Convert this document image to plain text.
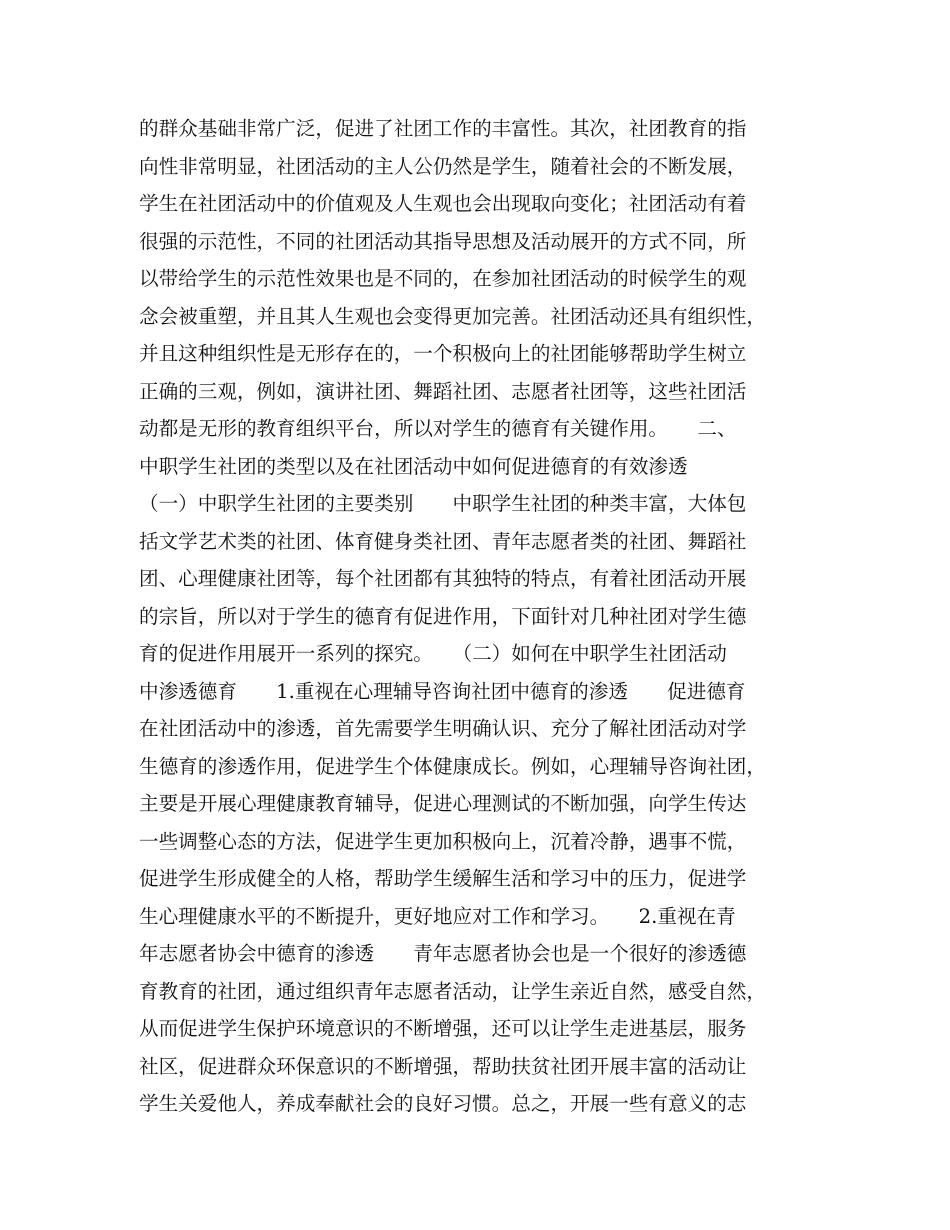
的群众基础非常广泛，促进了社团工作的丰富性。其次，社团教育的指
向性非常明显，社团活动的主人公仍然是学生，随着社会的不断发展，
学生在社团活动中的价值观及人生观也会出现取向变化；社团活动有着
很强的示范性，不同的社团活动其指导思想及活动展开的方式不同，所
以带给学生的示范性效果也是不同的，在参加社团活动的时候学生的观
念会被重塑，并且其人生观也会变得更加完善。社团活动还具有组织性，
并且这种组织性是无形存在的，一个积极向上的社团能够帮助学生树立
正确的三观，例如，演讲社团、舞蹈社团、志愿者社团等，这些社团活
动都是无形的教育组织平台，所以对学生的德育有关键作用。　　二、
中职学生社团的类型以及在社团活动中如何促进德育的有效渗透
（一）中职学生社团的主要类别　　中职学生社团的种类丰富，大体包
括文学艺术类的社团、体育健身类社团、青年志愿者类的社团、舞蹈社
团、心理健康社团等，每个社团都有其独特的特点，有着社团活动开展
的宗旨，所以对于学生的德育有促进作用，下面针对几种社团对学生德
育的促进作用展开一系列的探究。　　（二）如何在中职学生社团活动
中渗透德育　　1.重视在心理辅导咨询社团中德育的渗透　　促进德育
在社团活动中的渗透，首先需要学生明确认识、充分了解社团活动对学
生德育的渗透作用，促进学生个体健康成长。例如，心理辅导咨询社团，
主要是开展心理健康教育辅导，促进心理测试的不断加强，向学生传达
一些调整心态的方法，促进学生更加积极向上，沉着冷静，遇事不慌，
促进学生形成健全的人格，帮助学生缓解生活和学习中的压力，促进学
生心理健康水平的不断提升，更好地应对工作和学习。　　2.重视在青
年志愿者协会中德育的渗透　　青年志愿者协会也是一个很好的渗透德
育教育的社团，通过组织青年志愿者活动，让学生亲近自然，感受自然，
从而促进学生保护环境意识的不断增强，还可以让学生走进基层，服务
社区，促进群众环保意识的不断增强，帮助扶贫社团开展丰富的活动让
学生关爱他人，养成奉献社会的良好习惯。总之，开展一些有意义的志
